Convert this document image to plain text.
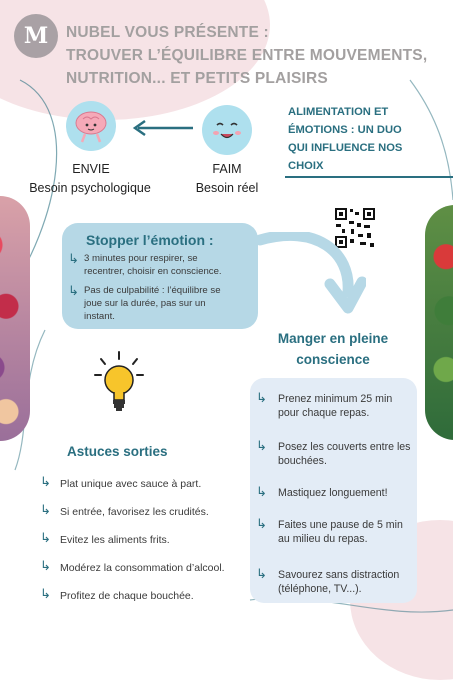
M	NUBEL VOUS PRÉSENTE :
TROUVER L’ÉQUILIBRE ENTRE MOUVEMENTS,
NUTRITION... ET PETITS PLAISIRS
ENVIE
Besoin psychologique
FAIM
Besoin réel
ALIMENTATION ET
ÉMOTIONS : UN DUO
QUI INFLUENCE NOS
CHOIX
Stopper l’émotion :
↳ 3 minutes pour respirer, se
recentrer, choisir en conscience.
↳ Pas de culpabilité : l’équilibre se
joue sur la durée, pas sur un
instant.
Manger en pleine
conscience
Astuces sorties
↳ Plat unique avec sauce à part.
↳ Si entrée, favorisez les crudités.
↳ Evitez les aliments frits.
↳ Modérez la consommation d’alcool.
↳ Profitez de chaque bouchée.
↳ Prenez minimum 25 min
pour chaque repas.
↳ Posez les couverts entre les
bouchées.
↳ Mastiquez longuement!
↳ Faites une pause de 5 min
au milieu du repas.
↳ Savourez sans distraction
(téléphone, TV...).
